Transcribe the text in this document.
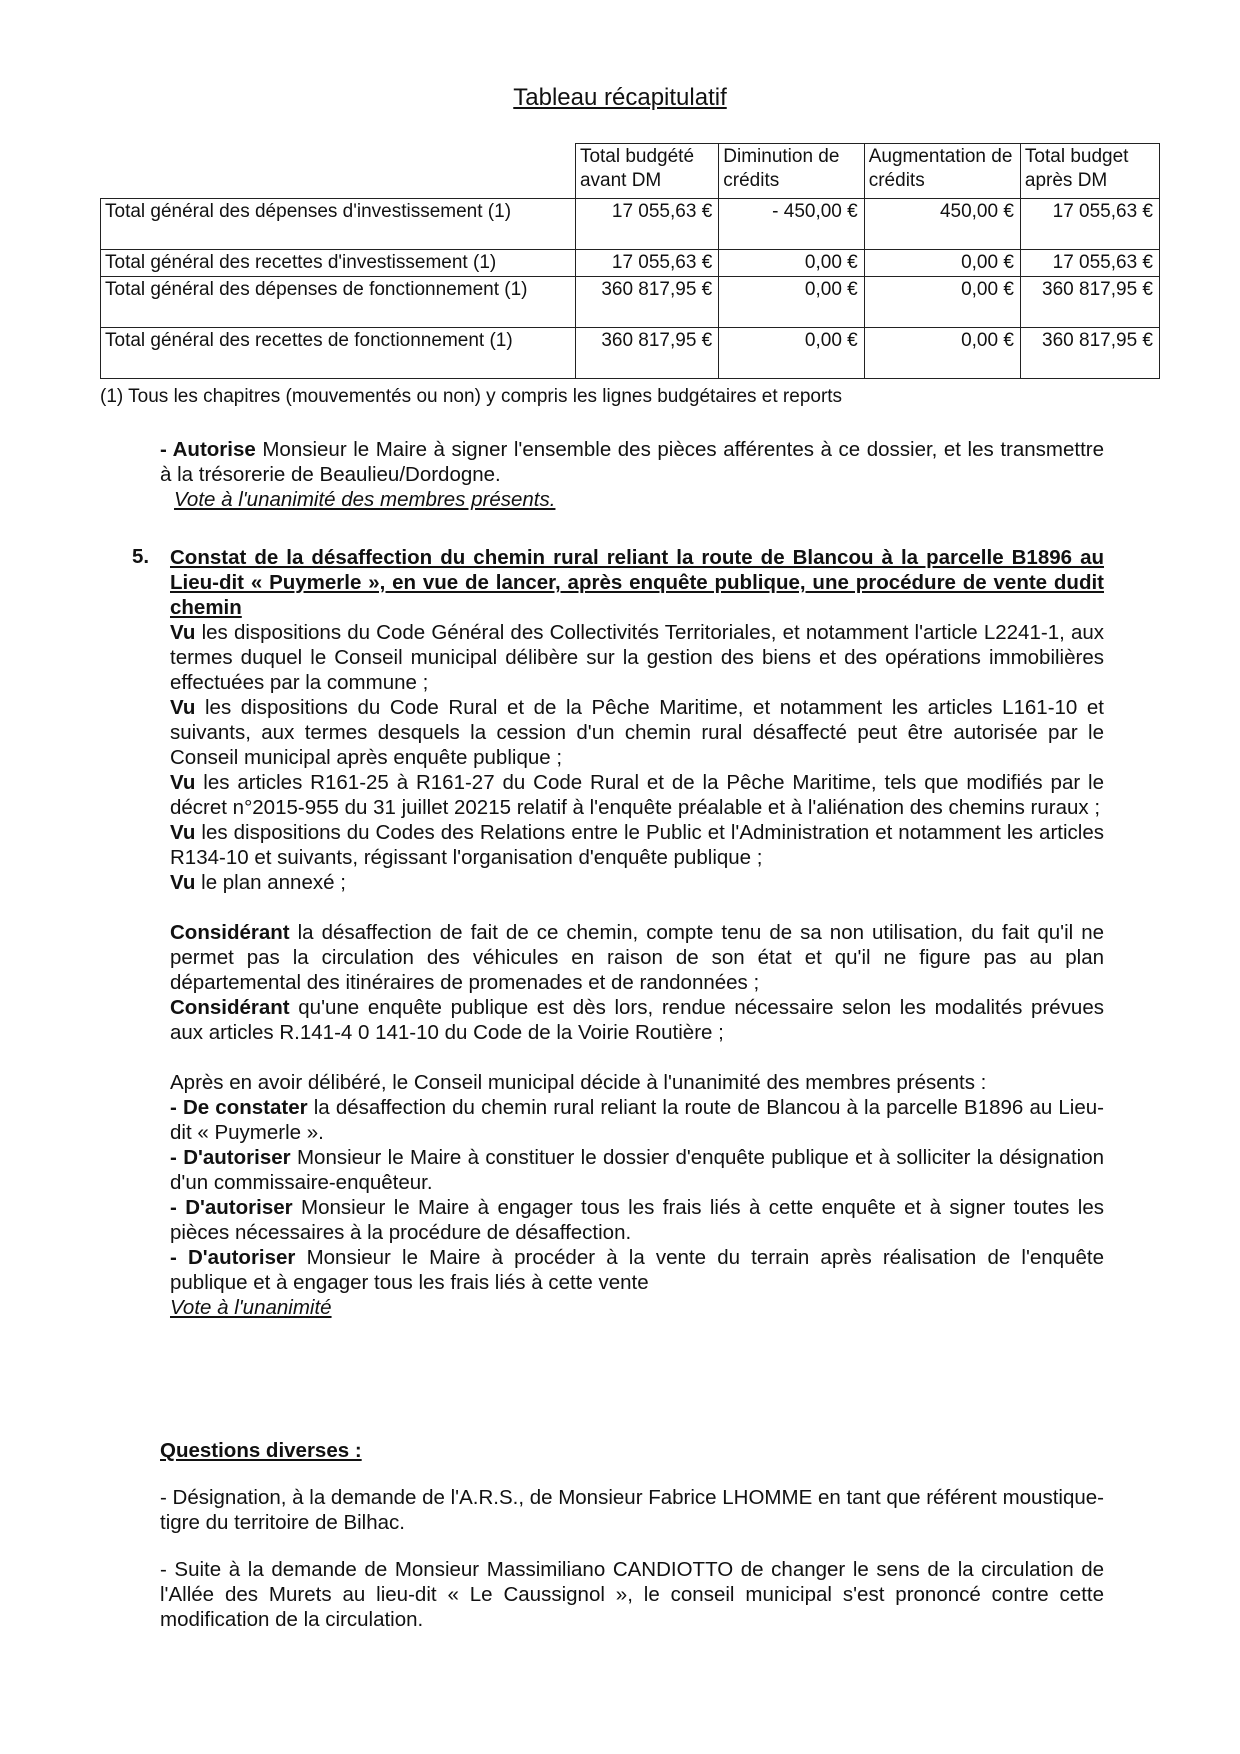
Tableau récapitulatif
	Total budgété avant DM	Diminution de crédits	Augmentation de crédits	Total budget après DM
Total général des dépenses d'investissement (1)	17 055,63 €	- 450,00 €	450,00 €	17 055,63 €
Total général des recettes d'investissement (1)	17 055,63 €	0,00 €	0,00 €	17 055,63 €
Total général des dépenses de fonctionnement (1)	360 817,95 €	0,00 €	0,00 €	360 817,95 €
Total général des recettes de fonctionnement (1)	360 817,95 €	0,00 €	0,00 €	360 817,95 €
(1) Tous les chapitres (mouvementés ou non) y compris les lignes budgétaires et reports

- Autorise Monsieur le Maire à signer l'ensemble des pièces afférentes à ce dossier, et les transmettre à la trésorerie de Beaulieu/Dordogne.

Vote à l'unanimité des membres présents.

5. Constat de la désaffection du chemin rural reliant la route de Blancou à la parcelle B1896 au Lieu-dit « Puymerle », en vue de lancer, après enquête publique, une procédure de vente dudit chemin

Vu les dispositions du Code Général des Collectivités Territoriales, et notamment l'article L2241-1, aux termes duquel le Conseil municipal délibère sur la gestion des biens et des opérations immobilières effectuées par la commune ;

Vu les dispositions du Code Rural et de la Pêche Maritime, et notamment les articles L161-10 et suivants, aux termes desquels la cession d'un chemin rural désaffecté peut être autorisée par le Conseil municipal après enquête publique ;

Vu les articles R161-25 à R161-27 du Code Rural et de la Pêche Maritime, tels que modifiés par le décret n°2015-955 du 31 juillet 20215 relatif à l'enquête préalable et à l'aliénation des chemins ruraux ;

Vu les dispositions du Codes des Relations entre le Public et l'Administration et notamment les articles R134-10 et suivants, régissant l'organisation d'enquête publique ;

Vu le plan annexé ;

Considérant la désaffection de fait de ce chemin, compte tenu de sa non utilisation, du fait qu'il ne permet pas la circulation des véhicules en raison de son état et qu'il ne figure pas au plan départemental des itinéraires de promenades et de randonnées ;

Considérant qu'une enquête publique est dès lors, rendue nécessaire selon les modalités prévues aux articles R.141-4 0 141-10 du Code de la Voirie Routière ;

Après en avoir délibéré, le Conseil municipal décide à l'unanimité des membres présents :

- De constater la désaffection du chemin rural reliant la route de Blancou à la parcelle B1896 au Lieu-dit « Puymerle ».

- D'autoriser Monsieur le Maire à constituer le dossier d'enquête publique et à solliciter la désignation d'un commissaire-enquêteur.

- D'autoriser Monsieur le Maire à engager tous les frais liés à cette enquête et à signer toutes les pièces nécessaires à la procédure de désaffection.

- D'autoriser Monsieur le Maire à procéder à la vente du terrain après réalisation de l'enquête publique et à engager tous les frais liés à cette vente

Vote à l'unanimité

Questions diverses :

- Désignation, à la demande de l'A.R.S., de Monsieur Fabrice LHOMME en tant que référent moustique-tigre du territoire de Bilhac.

- Suite à la demande de Monsieur Massimiliano CANDIOTTO de changer le sens de la circulation de l'Allée des Murets au lieu-dit « Le Caussignol », le conseil municipal s'est prononcé contre cette modification de la circulation.
